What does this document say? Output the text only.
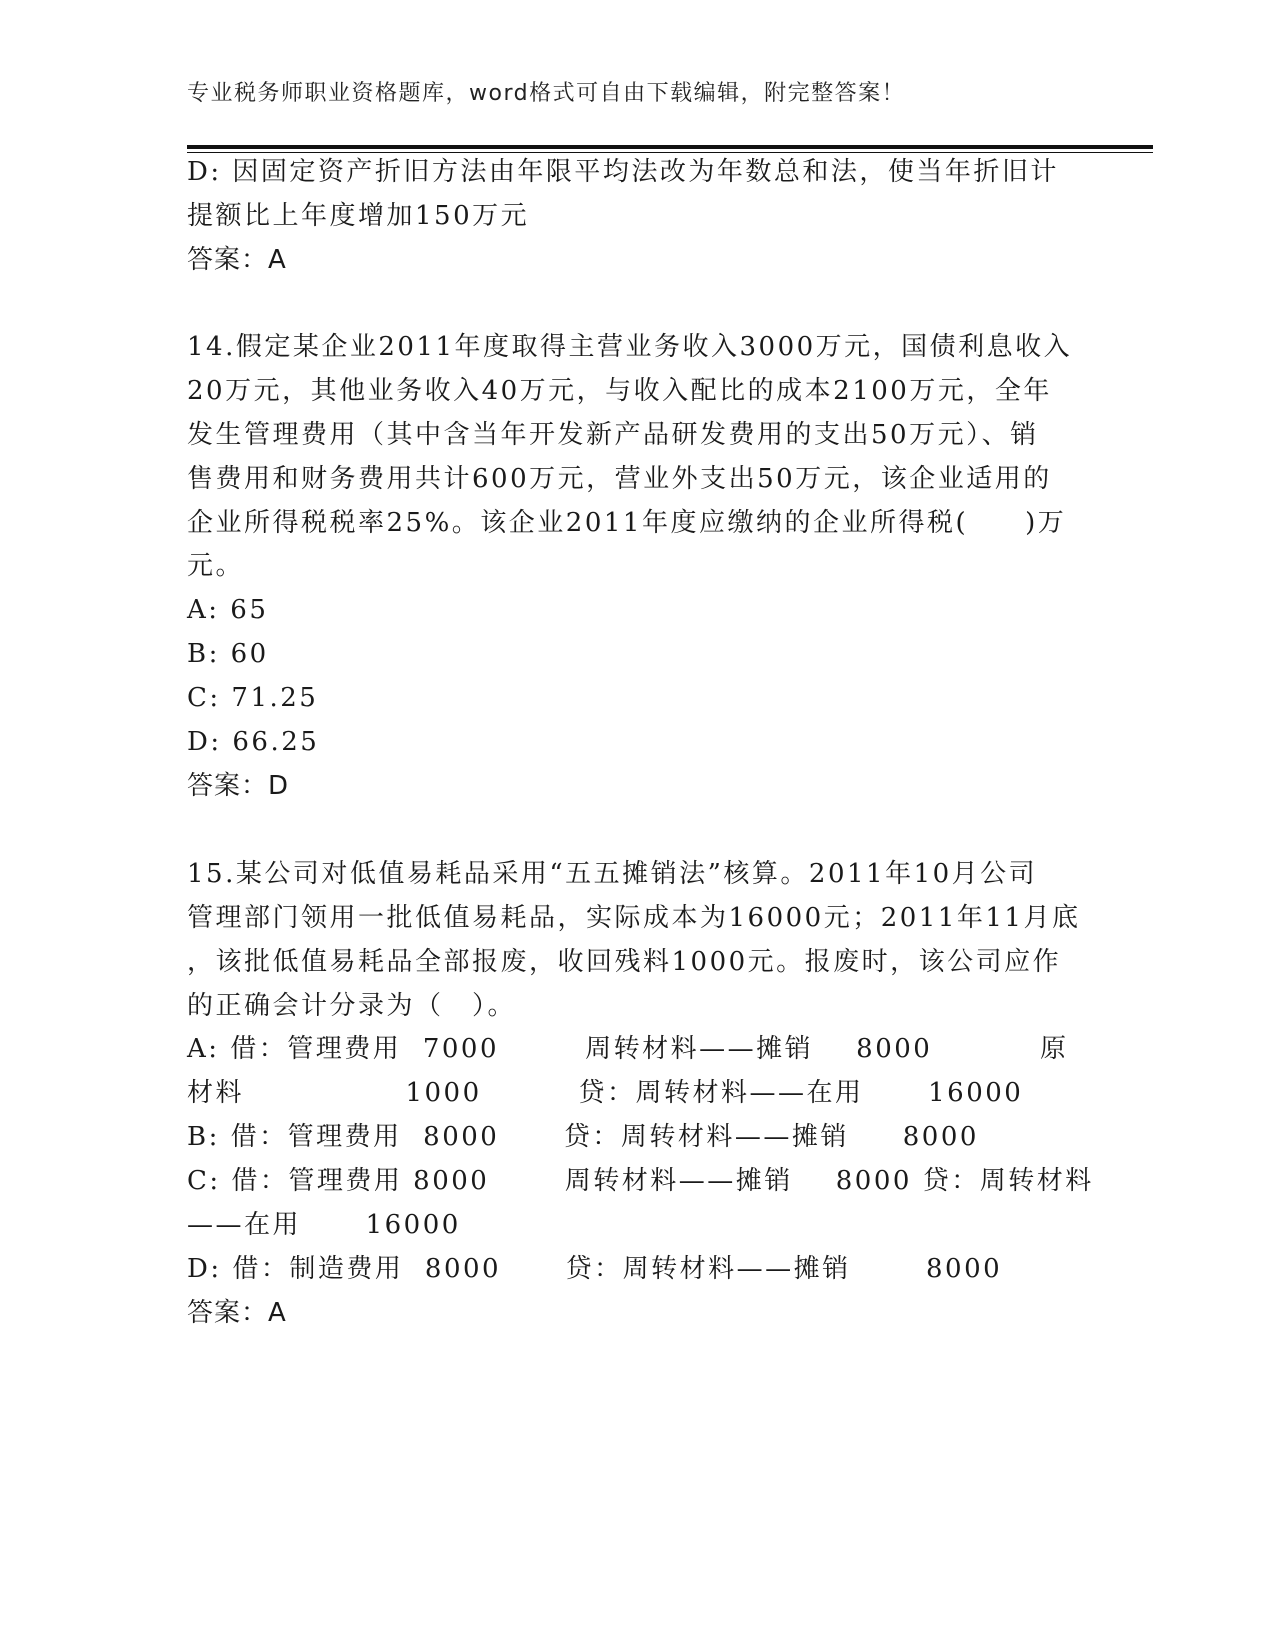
专业税务师职业资格题库，word格式可自由下载编辑，附完整答案！
D: 因固定资产折旧方法由年限平均法改为年数总和法，使当年折旧计
提额比上年度增加150万元
答案：A
14.假定某企业2011年度取得主营业务收入3000万元，国债利息收入
20万元，其他业务收入40万元，与收入配比的成本2100万元，全年
发生管理费用（其中含当年开发新产品研发费用的支出50万元）、销
售费用和财务费用共计600万元，营业外支出50万元，该企业适用的
企业所得税税率25%。该企业2011年度应缴纳的企业所得税(　　)万
元。
A: 65
B: 60
C: 71.25
D: 66.25
答案：D
15.某公司对低值易耗品采用“五五摊销法”核算。2011年10月公司
管理部门领用一批低值易耗品，实际成本为16000元；2011年11月底
，该批低值易耗品全部报废，收回残料1000元。报废时，该公司应作
的正确会计分录为（　）。
A: 借：管理费用  7000        周转材料——摊销    8000          原
材料               1000         贷：周转材料——在用      16000
B: 借：管理费用  8000      贷：周转材料——摊销     8000
C: 借：管理费用 8000       周转材料——摊销    8000 贷：周转材料
——在用      16000
D: 借：制造费用  8000      贷：周转材料——摊销       8000
答案：A
